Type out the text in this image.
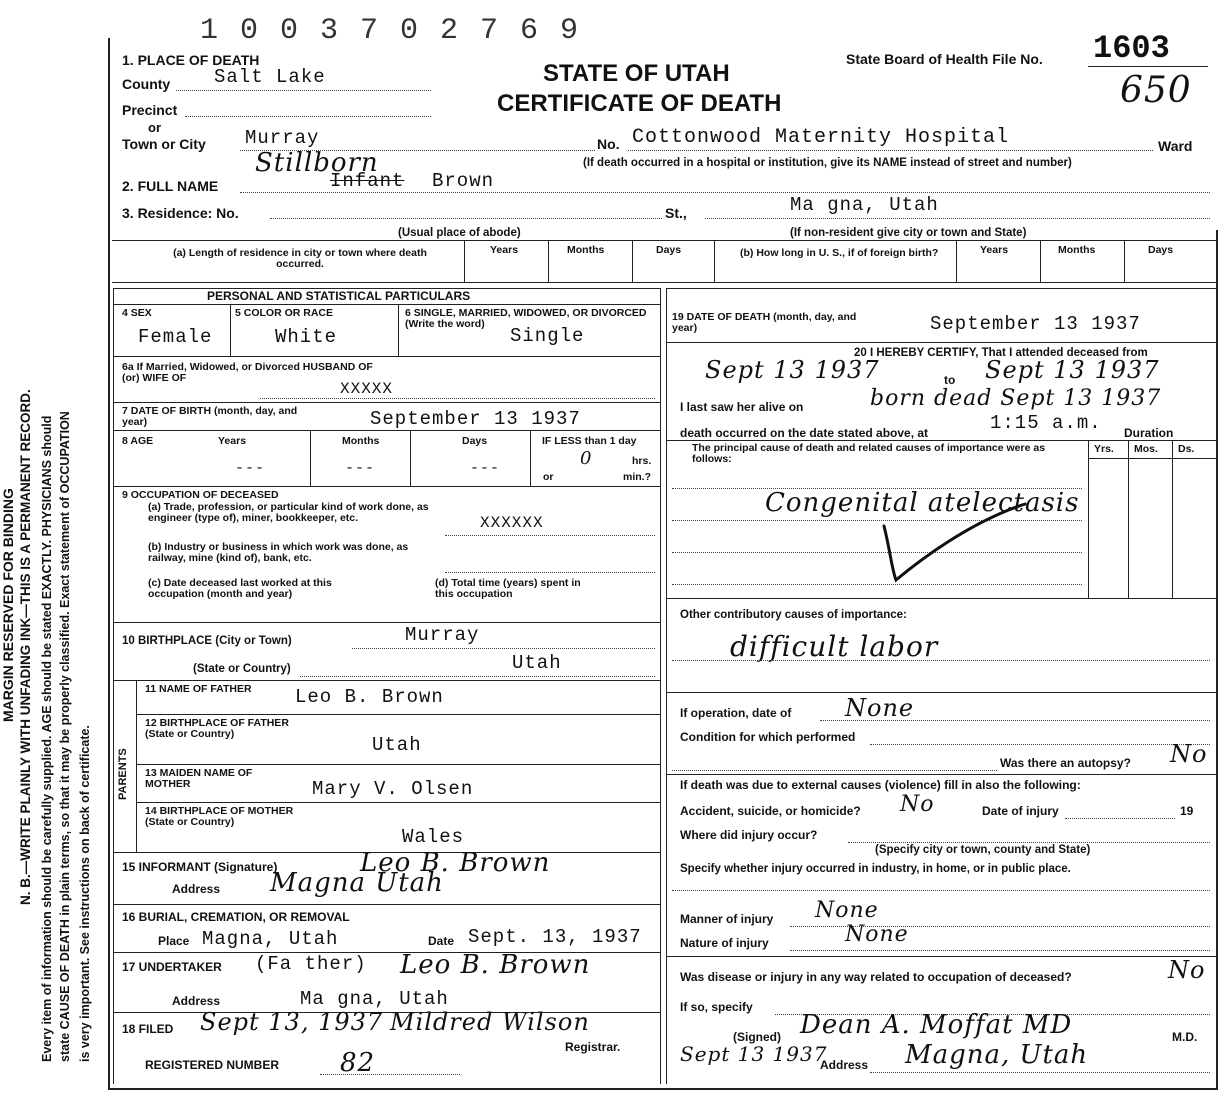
MARGIN RESERVED FOR BINDING N. B.—WRITE PLAINLY WITH UNFADING INK—THIS IS A PERMANENT RECORD. Every item of information should be carefully supplied. AGE should be stated EXACTLY. PHYSICIANS should state CAUSE OF DEATH in plain terms, so that it may be properly classified. Exact statement of OCCUPATION is very important. See instructions on back of certificate.
1 0 0 3 7 0 2 7 6 9
STATE OF UTAH
CERTIFICATE OF DEATH
State Board of Health File No. 1603
650
1. PLACE OF DEATH
County Salt Lake
Precinct
or
Town or City Murray	No. Cottonwood Maternity Hospital	Ward
(If death occurred in a hospital or institution, give its NAME instead of street and number)
2. FULL NAME
Stillborn
Infant Brown
3. Residence: No.	St.,	Ma gna, Utah
(Usual place of abode)	(If non-resident give city or town and State)
(a) Length of residence in city or town where death occurred.
Years	Months	Days	(b) How long in U. S., if of foreign birth?	Years	Months	Days
PERSONAL AND STATISTICAL PARTICULARS
4 SEX
Female
5 COLOR OR RACE
White
6 SINGLE, MARRIED, WIDOWED, OR DIVORCED (Write the word)
Single
6a If Married, Widowed, or Divorced HUSBAND OF (or) WIFE OF
XXXXX
7 DATE OF BIRTH (month, day, and year)	September 13 1937
8 AGE	Years	Months	Days
---	---	---
IF LESS than 1 day
hrs.
0
or	min.?
9 OCCUPATION OF DECEASED
(a) Trade, profession, or particular kind of work done, as engineer (type of), miner, bookkeeper, etc.	XXXXXX
(b) Industry or business in which work was done, as railway, mine (kind of), bank, etc.
(c) Date deceased last worked at this occupation (month and year)
(d) Total time (years) spent in this occupation
10 BIRTHPLACE (City or Town)	Murray
(State or Country)	Utah
PARENTS
11 NAME OF FATHER Leo B. Brown
12 BIRTHPLACE OF FATHER (State or Country)	Utah
13 MAIDEN NAME OF MOTHER	Mary V. Olsen
14 BIRTHPLACE OF MOTHER (State or Country)
Wales
15 INFORMANT (Signature)	Leo B. Brown
Address Magna Utah
16 BURIAL, CREMATION, OR REMOVAL
Place Magna, Utah	Date Sept. 13, 1937
17 UNDERTAKER (Fa ther) Leo B. Brown
Address	Ma gna, Utah
18 FILED Sept 13, 1937 Mildred Wilson
Registrar.
REGISTERED NUMBER 82
19 DATE OF DEATH (month, day, and year)	September 13 1937
20 I HEREBY CERTIFY, That I attended deceased from
Sept 13 1937	to Sept 13 1937
I last saw her alive on	born dead Sept 13 1937
death occurred on the date stated above, at	1:15 a.m. Duration
The principal cause of death and related causes of importance were as follows:
Yrs. Mos. Ds.
Congenital atelectasis
Other contributory causes of importance:
difficult labor
If operation, date of None
Condition for which performed
Was there an autopsy? No
If death was due to external causes (violence) fill in also the following:
Accident, suicide, or homicide? No	Date of injury	19
Where did injury occur?
(Specify city or town, county and State)
Specify whether injury occurred in industry, in home, or in public place.
Manner of injury None
Nature of injury	None
Was disease or injury in any way related to occupation of deceased?	No
If so, specify
(Signed) Dean A. Moffat MD	M.D.
Sept 13 1937
Address Magna, Utah
